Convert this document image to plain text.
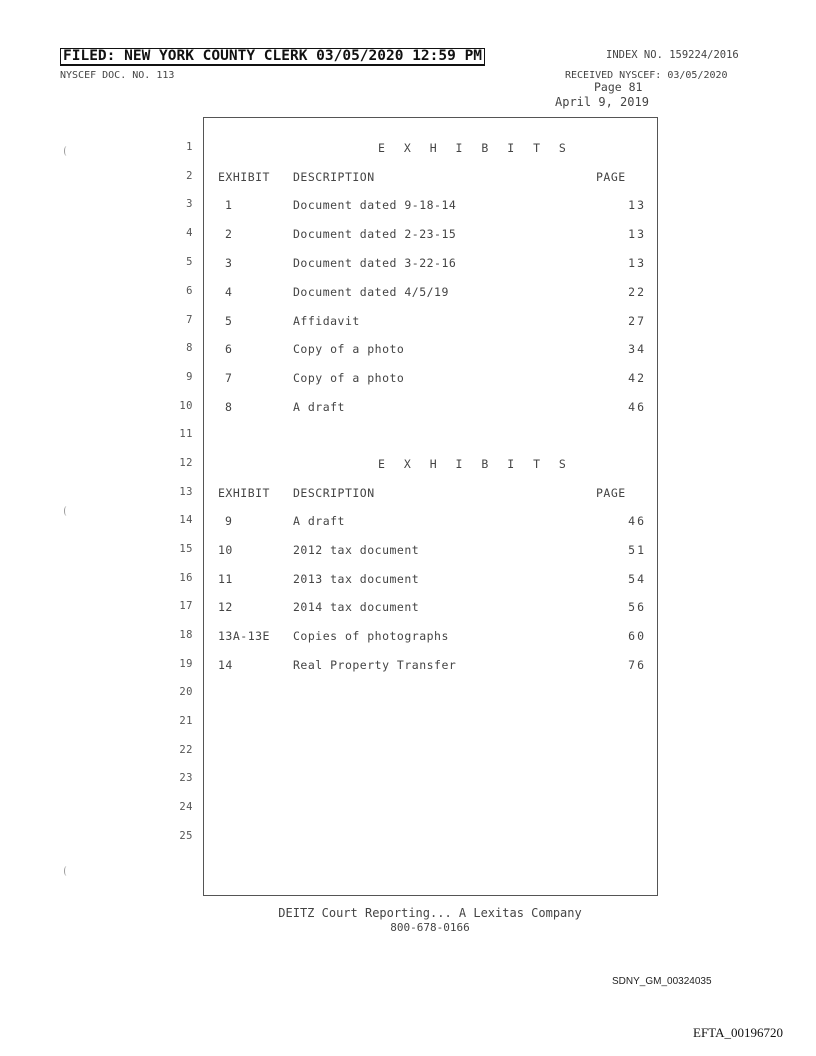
FILED: NEW YORK COUNTY CLERK 03/05/2020 12:59 PM	INDEX NO. 159224/2016
NYSCEF DOC. NO. 113	RECEIVED NYSCEF: 03/05/2020
Page 81
April 9, 2019
1	E X H I B I T S
2 EXHIBIT DESCRIPTION	PAGE
3	1	Document dated 9-18-14	13
4	2	Document dated 2-23-15	13
5	3	Document dated 3-22-16	13
6	4	Document dated 4/5/19	22
7	5	Affidavit	27
8	6	Copy of a photo	34
9	7	Copy of a photo	42
10	8	A draft	46
11
12	E X H I B I T S
13 EXHIBIT DESCRIPTION	PAGE
14	9	A draft	46
15 10	2012 tax document	51
16 11	2013 tax document	54
17 12	2014 tax document	56
18 13A-13E Copies of photographs	60
19 14	Real Property Transfer	76
20
21
22
23
24
25
DEITZ Court Reporting... A Lexitas Company
800-678-0166
SDNY_GM_00324035
EFTA_00196720
